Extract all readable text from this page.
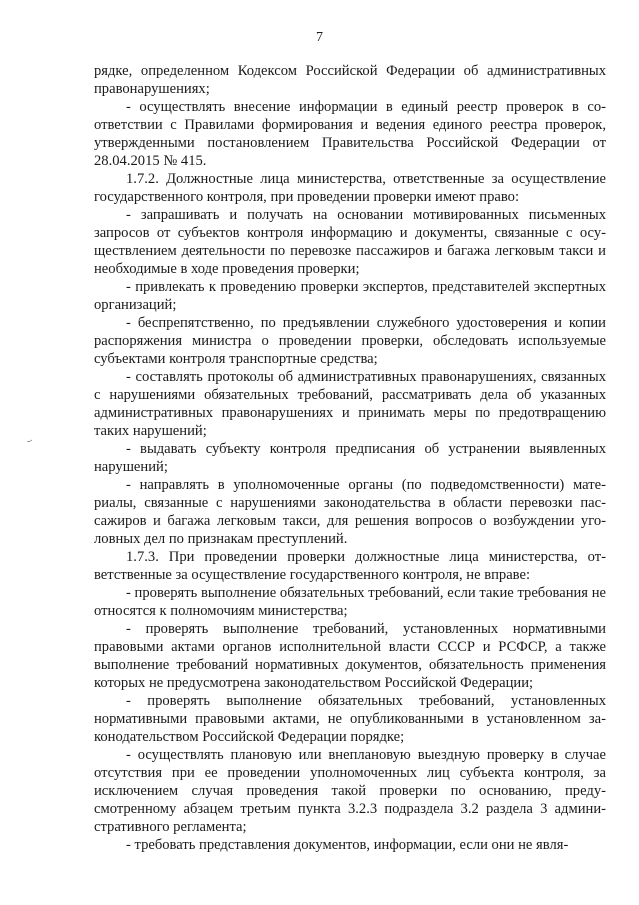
7
-·

рядке, определенном Кодексом Российской Федерации об административных правонарушениях;

- осуществлять внесение информации в единый реестр проверок в соответствии с Правилами формирования и ведения единого реестра проверок, утвержденными постановлением Правительства Российской Федерации от 28.04.2015 № 415.

1.7.2. Должностные лица министерства, ответственные за осуществление государственного контроля, при проведении проверки имеют право:

- запрашивать и получать на основании мотивированных письменных запросов от субъектов контроля информацию и документы, связанные с осуществлением деятельности по перевозке пассажиров и багажа легковым такси и необходимые в ходе проведения проверки;

- привлекать к проведению проверки экспертов, представителей экспертных организаций;

- беспрепятственно, по предъявлении служебного удостоверения и копии распоряжения министра о проведении проверки, обследовать используемые субъектами контроля транспортные средства;

- составлять протоколы об административных правонарушениях, связанных с нарушениями обязательных требований, рассматривать дела об указанных административных правонарушениях и принимать меры по предотвращению таких нарушений;

- выдавать субъекту контроля предписания об устранении выявленных нарушений;

- направлять в уполномоченные органы (по подведомственности) материалы, связанные с нарушениями законодательства в области перевозки пассажиров и багажа легковым такси, для решения вопросов о возбуждении уголовных дел по признакам преступлений.

1.7.3. При проведении проверки должностные лица министерства, ответственные за осуществление государственного контроля, не вправе:

- проверять выполнение обязательных требований, если такие требования не относятся к полномочиям министерства;

- проверять выполнение требований, установленных нормативными правовыми актами органов исполнительной власти СССР и РСФСР, а также выполнение требований нормативных документов, обязательность применения которых не предусмотрена законодательством Российской Федерации;

- проверять выполнение обязательных требований, установленных нормативными правовыми актами, не опубликованными в установленном законодательством Российской Федерации порядке;

- осуществлять плановую или внеплановую выездную проверку в случае отсутствия при ее проведении уполномоченных лиц субъекта контроля, за исключением случая проведения такой проверки по основанию, предусмотренному абзацем третьим пункта 3.2.3 подраздела 3.2 раздела 3 административного регламента;

- требовать представления документов, информации, если они не явля-
